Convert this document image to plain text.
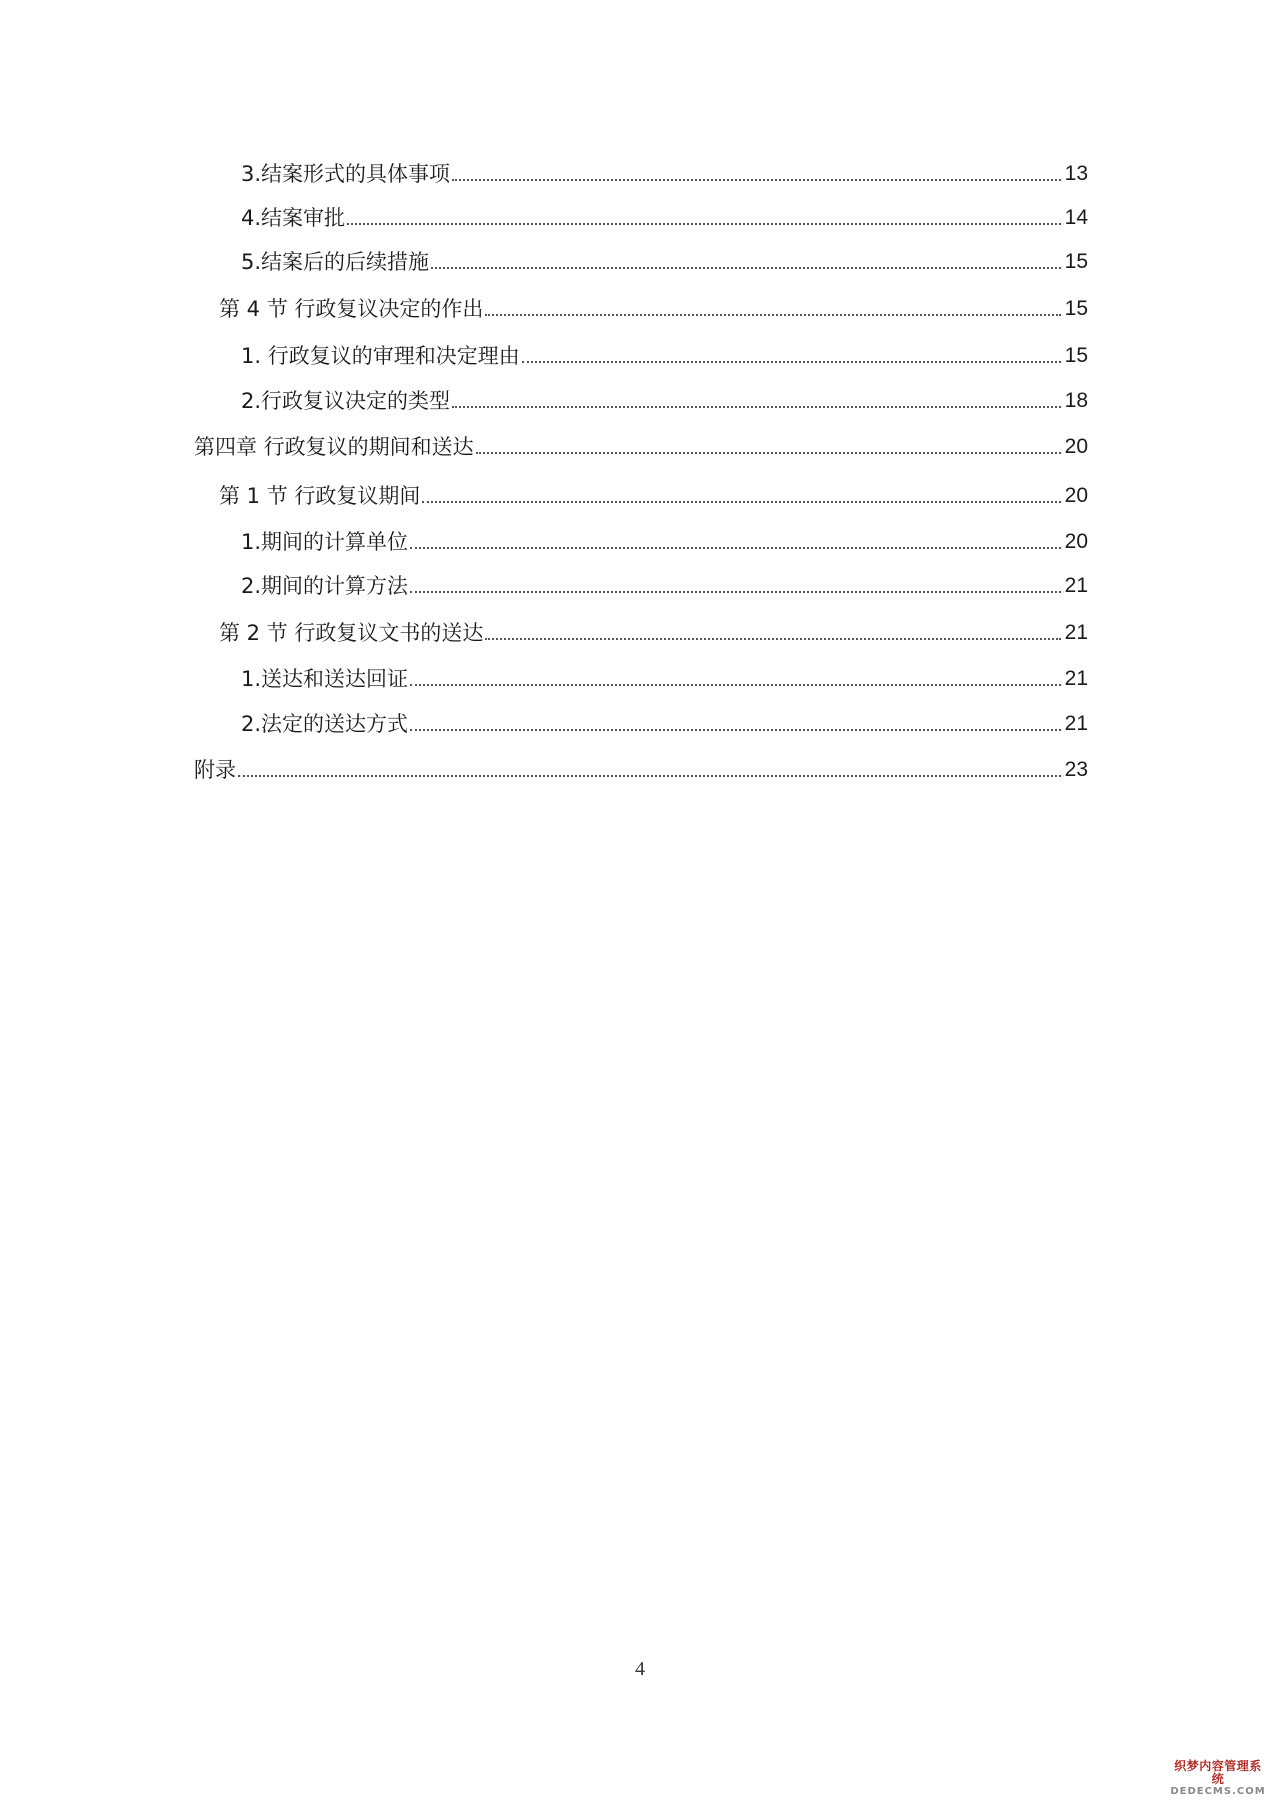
3.结案形式的具体事项	13
4.结案审批	14
5.结案后的后续措施	15
第 4 节 行政复议决定的作出	15
1. 行政复议的审理和决定理由	15
2.行政复议决定的类型	18
第四章 行政复议的期间和送达	20
第 1 节 行政复议期间	20
1.期间的计算单位	20
2.期间的计算方法	21
第 2 节 行政复议文书的送达	21
1.送达和送达回证	21
2.法定的送达方式	21
附录	23
4
织梦内容管理系统
DEDECMS.COM
